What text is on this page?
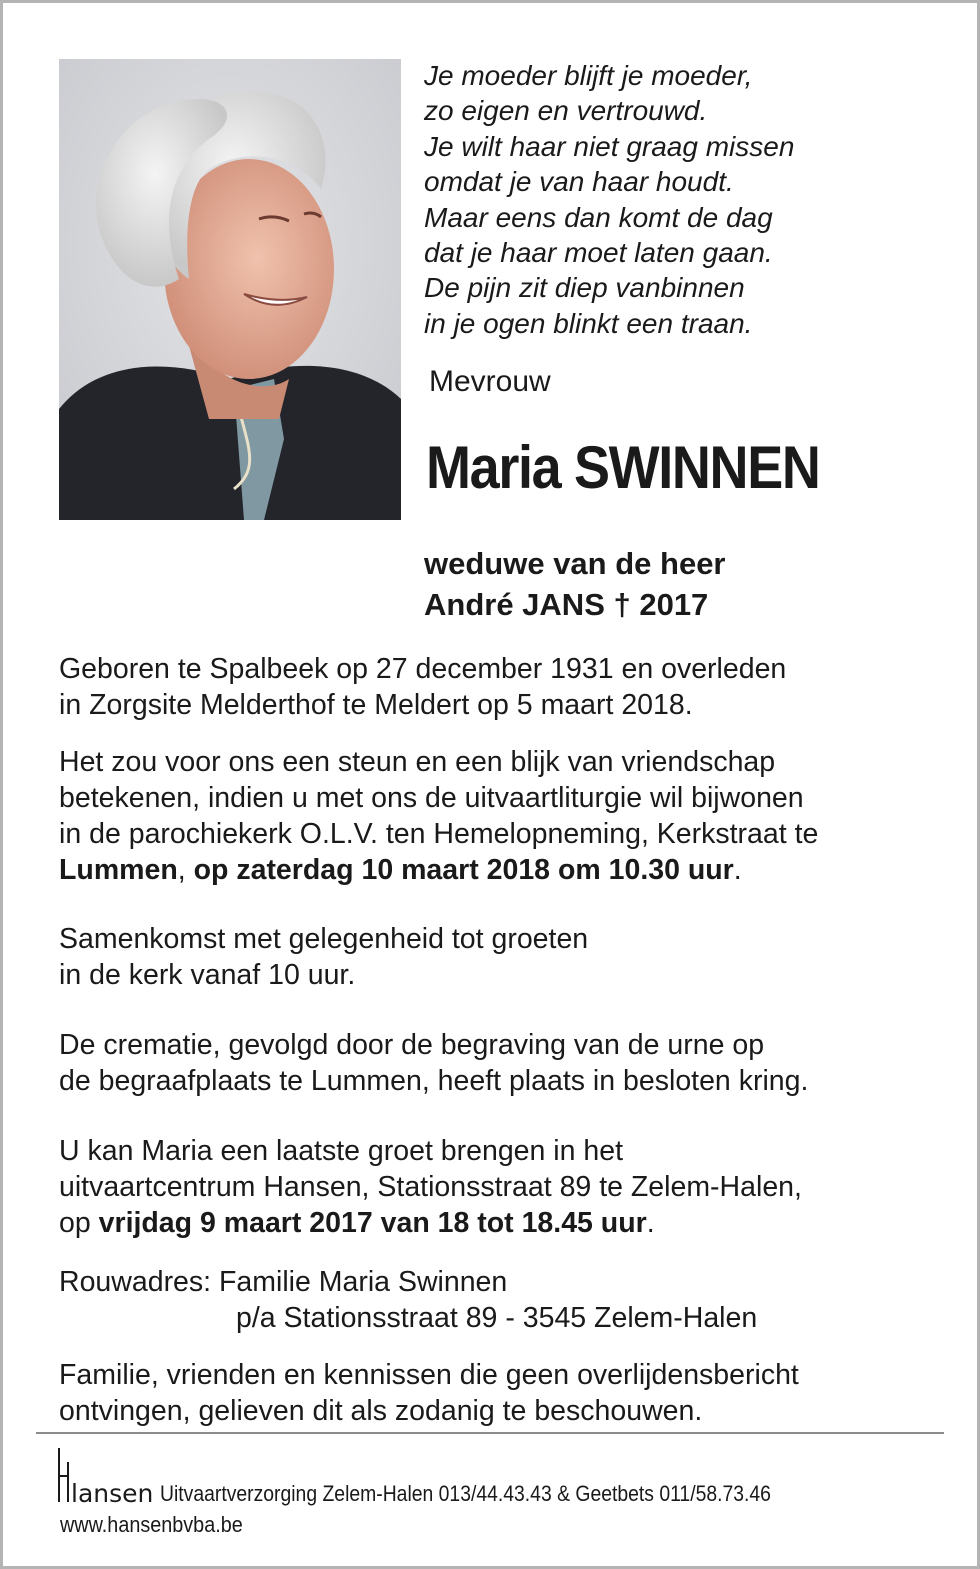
Je moeder blijft je moeder,
zo eigen en vertrouwd.
Je wilt haar niet graag missen
omdat je van haar houdt.
Maar eens dan komt de dag
dat je haar moet laten gaan.
De pijn zit diep vanbinnen
in je ogen blinkt een traan.
Mevrouw
Maria SWINNEN
weduwe van de heer
André JANS † 2017
Geboren te Spalbeek op 27 december 1931 en overleden
in Zorgsite Melderthof te Meldert op 5 maart 2018.
Het zou voor ons een steun en een blijk van vriendschap
betekenen, indien u met ons de uitvaartliturgie wil bijwonen
in de parochiekerk O.L.V. ten Hemelopneming, Kerkstraat te
Lummen, op zaterdag 10 maart 2018 om 10.30 uur.
Samenkomst met gelegenheid tot groeten
in de kerk vanaf 10 uur.
De crematie, gevolgd door de begraving van de urne op
de begraafplaats te Lummen, heeft plaats in besloten kring.
U kan Maria een laatste groet brengen in het
uitvaartcentrum Hansen, Stationsstraat 89 te Zelem-Halen,
op vrijdag 9 maart 2017 van 18 tot 18.45 uur.
Rouwadres: Familie Maria Swinnen
p/a Stationsstraat 89 - 3545 Zelem-Halen
Familie, vrienden en kennissen die geen overlijdensbericht
ontvingen, gelieven dit als zodanig te beschouwen.
lansen Uitvaartverzorging Zelem-Halen 013/44.43.43 & Geetbets 011/58.73.46
www.hansenbvba.be
